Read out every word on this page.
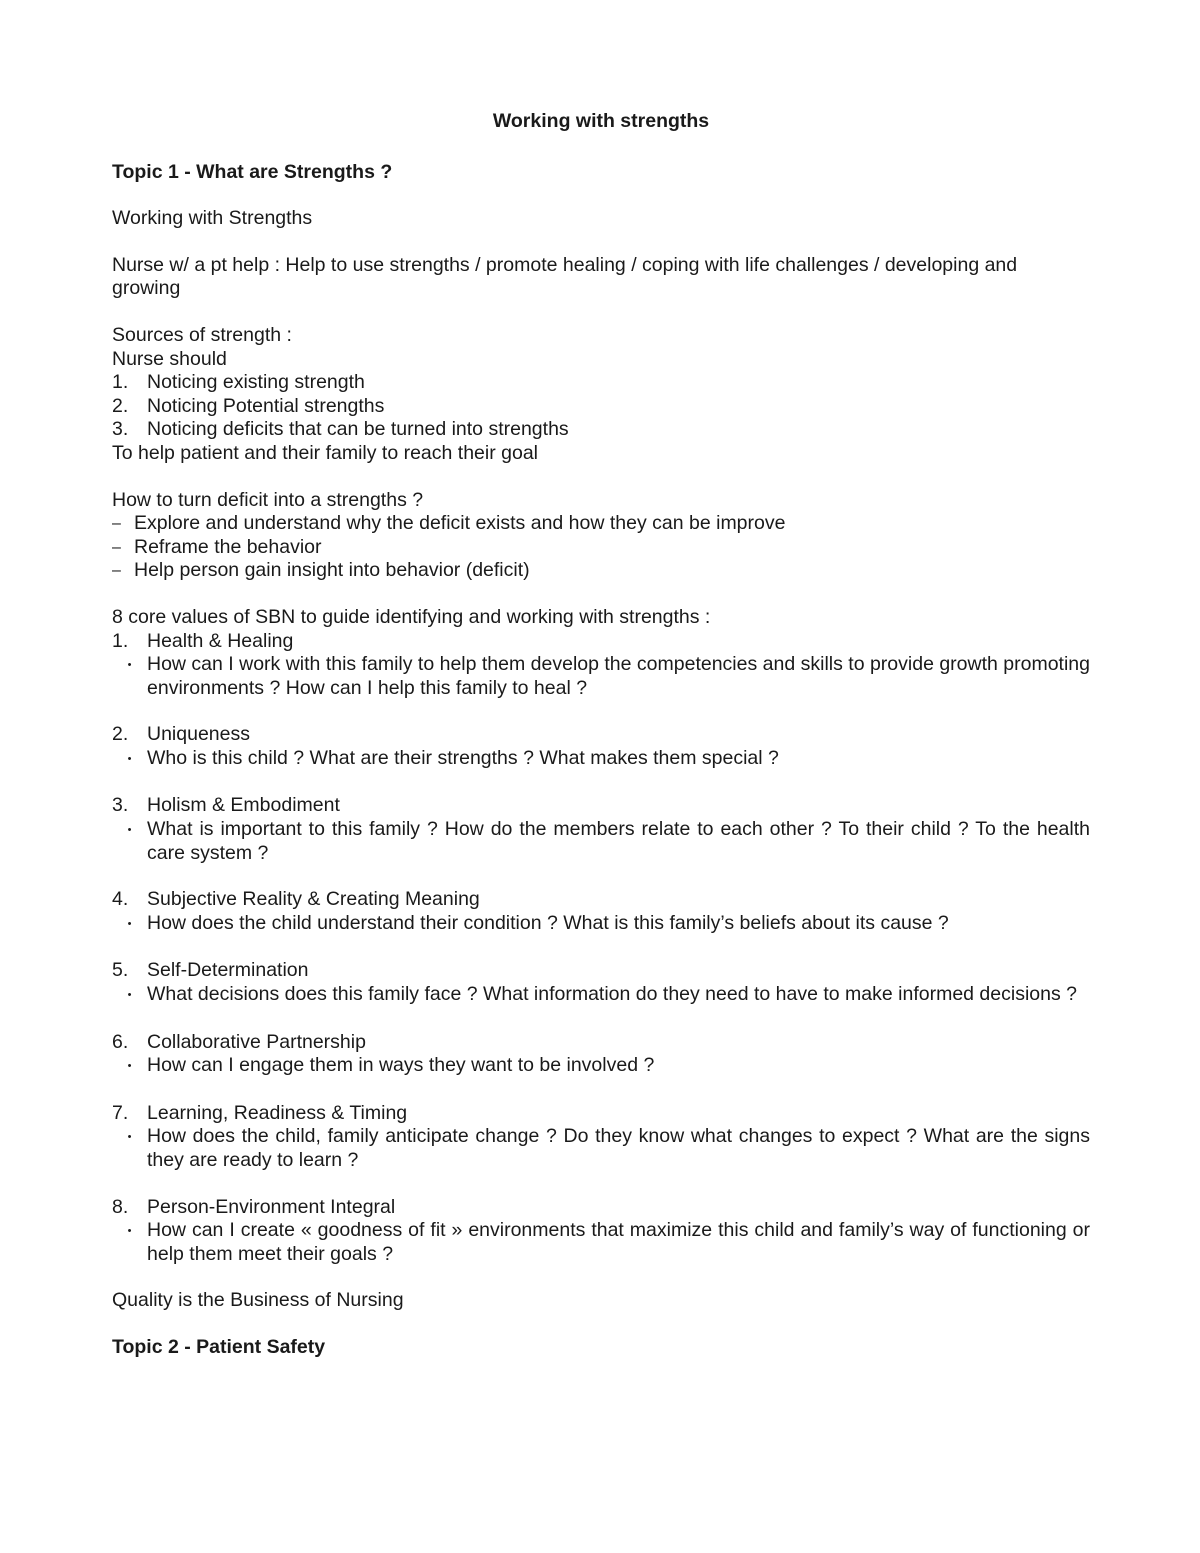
Working with strengths
Topic 1 - What are Strengths ?
Working with Strengths
Nurse w/ a pt help : Help to use strengths / promote healing / coping with life challenges / developing and growing
Sources of strength :
Nurse should
1. Noticing existing strength
2. Noticing Potential strengths
3. Noticing deficits that can be turned into strengths
To help patient and their family to reach their goal
How to turn deficit into a strengths ?
– Explore and understand why the deficit exists and how they can be improve
– Reframe the behavior
– Help person gain insight into behavior (deficit)
8 core values of SBN to guide identifying and working with strengths :
1. Health & Healing
• How can I work with this family to help them develop the competencies and skills to provide growth promoting environments ? How can I help this family to heal ?
2. Uniqueness
• Who is this child ? What are their strengths ? What makes them special ?
3. Holism & Embodiment
• What is important to this family ? How do the members relate to each other ? To their child ? To the health care system ?
4. Subjective Reality & Creating Meaning
• How does the child understand their condition ? What is this family’s beliefs about its cause ?
5. Self-Determination
• What decisions does this family face ? What information do they need to have to make informed decisions ?
6. Collaborative Partnership
• How can I engage them in ways they want to be involved ?
7. Learning, Readiness & Timing
• How does the child, family anticipate change ? Do they know what changes to expect ? What are the signs they are ready to learn ?
8. Person-Environment Integral
• How can I create « goodness of fit » environments that maximize this child and family’s way of functioning or help them meet their goals ?
Quality is the Business of Nursing
Topic 2 - Patient Safety
